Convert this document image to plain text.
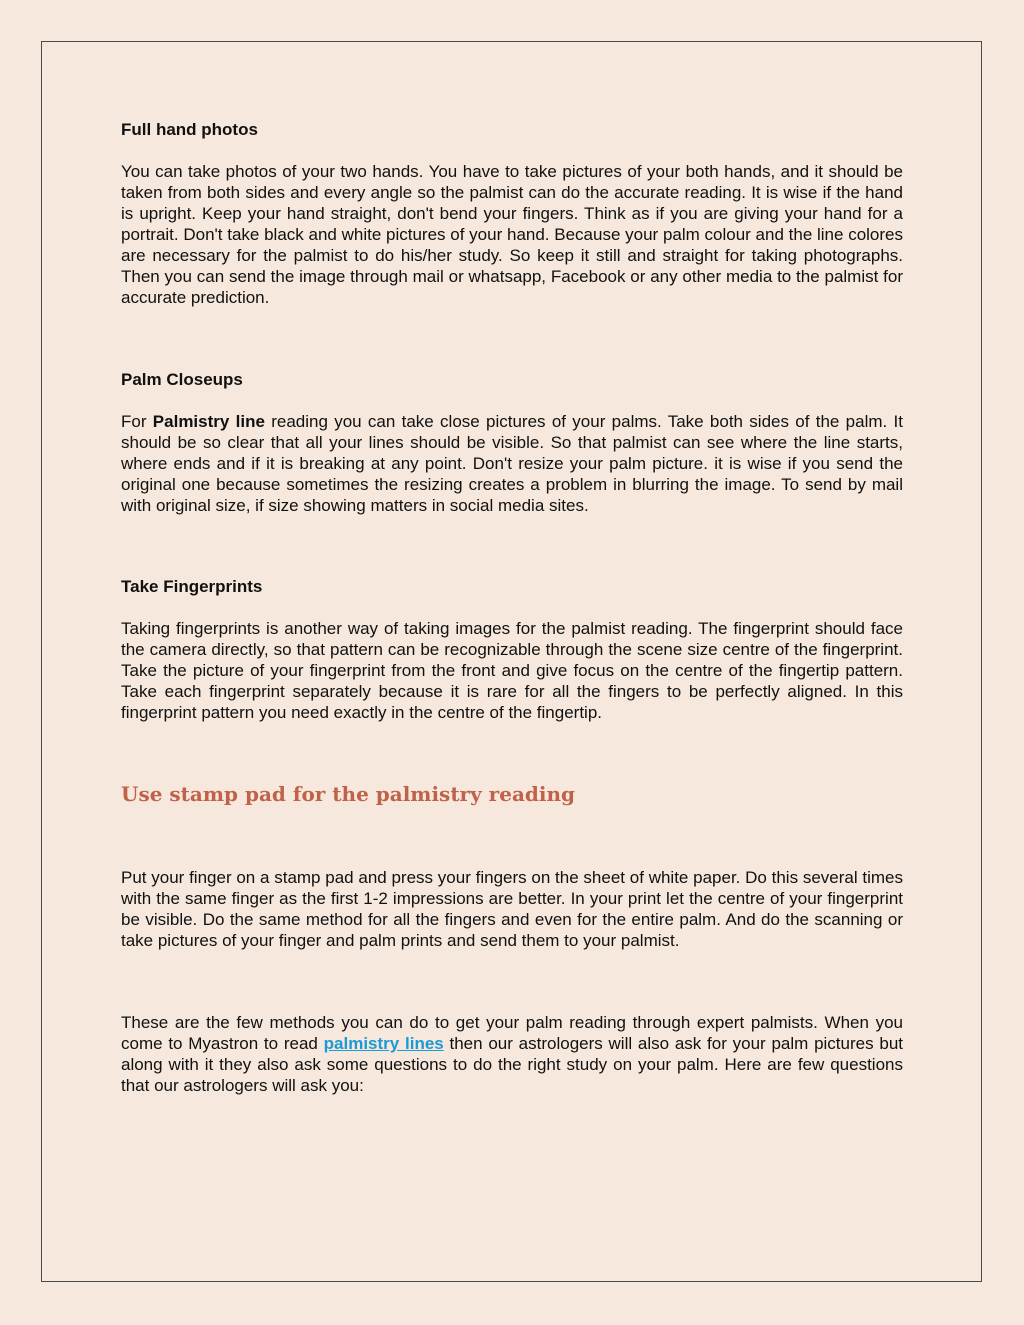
Full hand photos

You can take photos of your two hands. You have to take pictures of your both hands, and it should be taken from both sides and every angle so the palmist can do the accurate reading. It is wise if the hand is upright. Keep your hand straight, don't bend your fingers. Think as if you are giving your hand for a portrait. Don't take black and white pictures of your hand. Because your palm colour and the line colores are necessary for the palmist to do his/her study. So keep it still and straight for taking photographs. Then you can send the image through mail or whatsapp, Facebook or any other media to the palmist for accurate prediction.

Palm Closeups

For Palmistry line reading you can take close pictures of your palms. Take both sides of the palm. It should be so clear that all your lines should be visible. So that palmist can see where the line starts, where ends and if it is breaking at any point. Don't resize your palm picture. it is wise if you send the original one because sometimes the resizing creates a problem in blurring the image. To send by mail with original size, if size showing matters in social media sites.

Take Fingerprints

Taking fingerprints is another way of taking images for the palmist reading. The fingerprint should face the camera directly, so that pattern can be recognizable through the scene size centre of the fingerprint. Take the picture of your fingerprint from the front and give focus on the centre of the fingertip pattern. Take each fingerprint separately because it is rare for all the fingers to be perfectly aligned. In this fingerprint pattern you need exactly in the centre of the fingertip.

Use stamp pad for the palmistry reading

Put your finger on a stamp pad and press your fingers on the sheet of white paper. Do this several times with the same finger as the first 1-2 impressions are better. In your print let the centre of your fingerprint be visible. Do the same method for all the fingers and even for the entire palm. And do the scanning or take pictures of your finger and palm prints and send them to your palmist.

These are the few methods you can do to get your palm reading through expert palmists. When you come to Myastron to read palmistry lines then our astrologers will also ask for your palm pictures but along with it they also ask some questions to do the right study on your palm. Here are few questions that our astrologers will ask you:
